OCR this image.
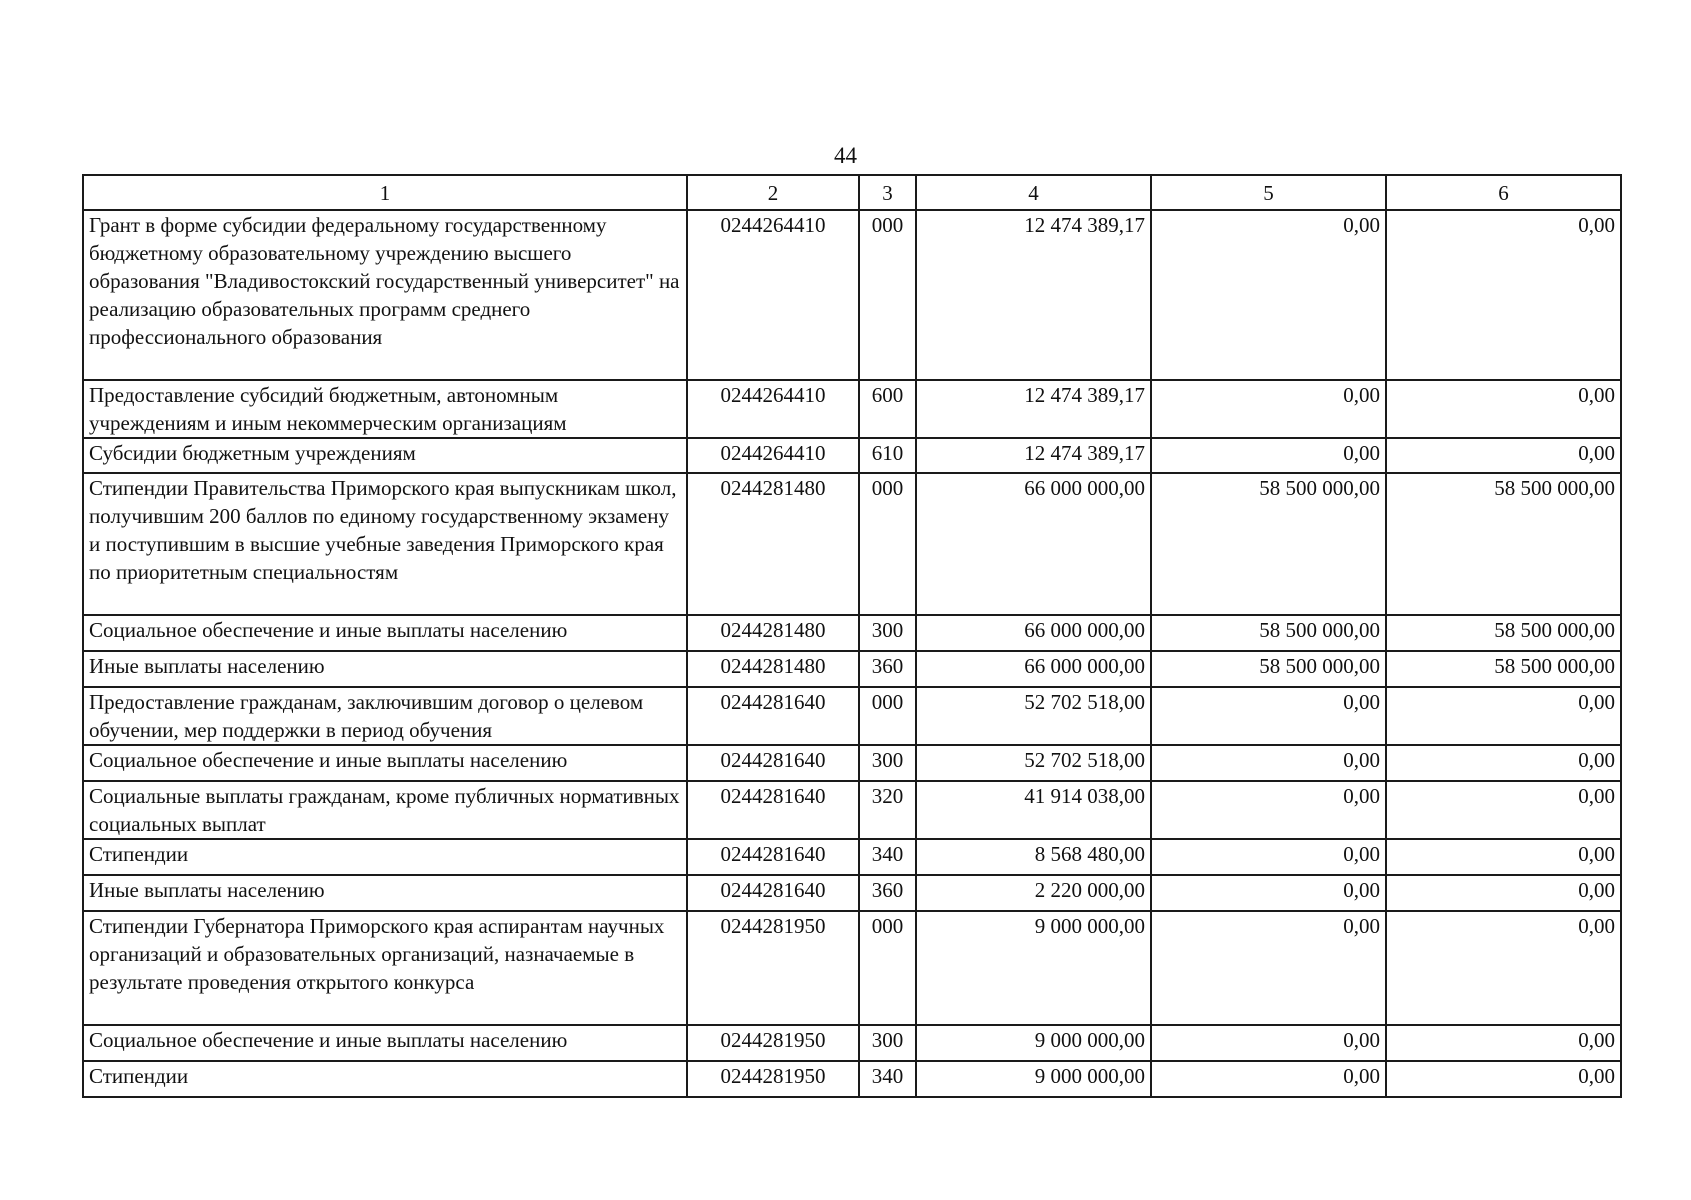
44
1	2	3	4	5	6
Грант в форме субсидии федеральному государственному бюджетному образовательному учреждению высшего образования "Владивостокский государственный университет" на реализацию образовательных программ среднего профессионального образования	0244264410	000	12 474 389,17	0,00	0,00
Предоставление субсидий бюджетным, автономным учреждениям и иным некоммерческим организациям	0244264410	600	12 474 389,17	0,00	0,00
Субсидии бюджетным учреждениям	0244264410	610	12 474 389,17	0,00	0,00
Стипендии Правительства Приморского края выпускникам школ, получившим 200 баллов по единому государственному экзамену и поступившим в высшие учебные заведения Приморского края по приоритетным специальностям	0244281480	000	66 000 000,00	58 500 000,00	58 500 000,00
Социальное обеспечение и иные выплаты населению	0244281480	300	66 000 000,00	58 500 000,00	58 500 000,00
Иные выплаты населению	0244281480	360	66 000 000,00	58 500 000,00	58 500 000,00
Предоставление гражданам, заключившим договор о целевом обучении, мер поддержки в период обучения	0244281640	000	52 702 518,00	0,00	0,00
Социальное обеспечение и иные выплаты населению	0244281640	300	52 702 518,00	0,00	0,00
Социальные выплаты гражданам, кроме публичных нормативных социальных выплат	0244281640	320	41 914 038,00	0,00	0,00
Стипендии	0244281640	340	8 568 480,00	0,00	0,00
Иные выплаты населению	0244281640	360	2 220 000,00	0,00	0,00
Стипендии Губернатора Приморского края аспирантам научных организаций и образовательных организаций, назначаемые в результате проведения открытого конкурса	0244281950	000	9 000 000,00	0,00	0,00
Социальное обеспечение и иные выплаты населению	0244281950	300	9 000 000,00	0,00	0,00
Стипендии	0244281950	340	9 000 000,00	0,00	0,00
